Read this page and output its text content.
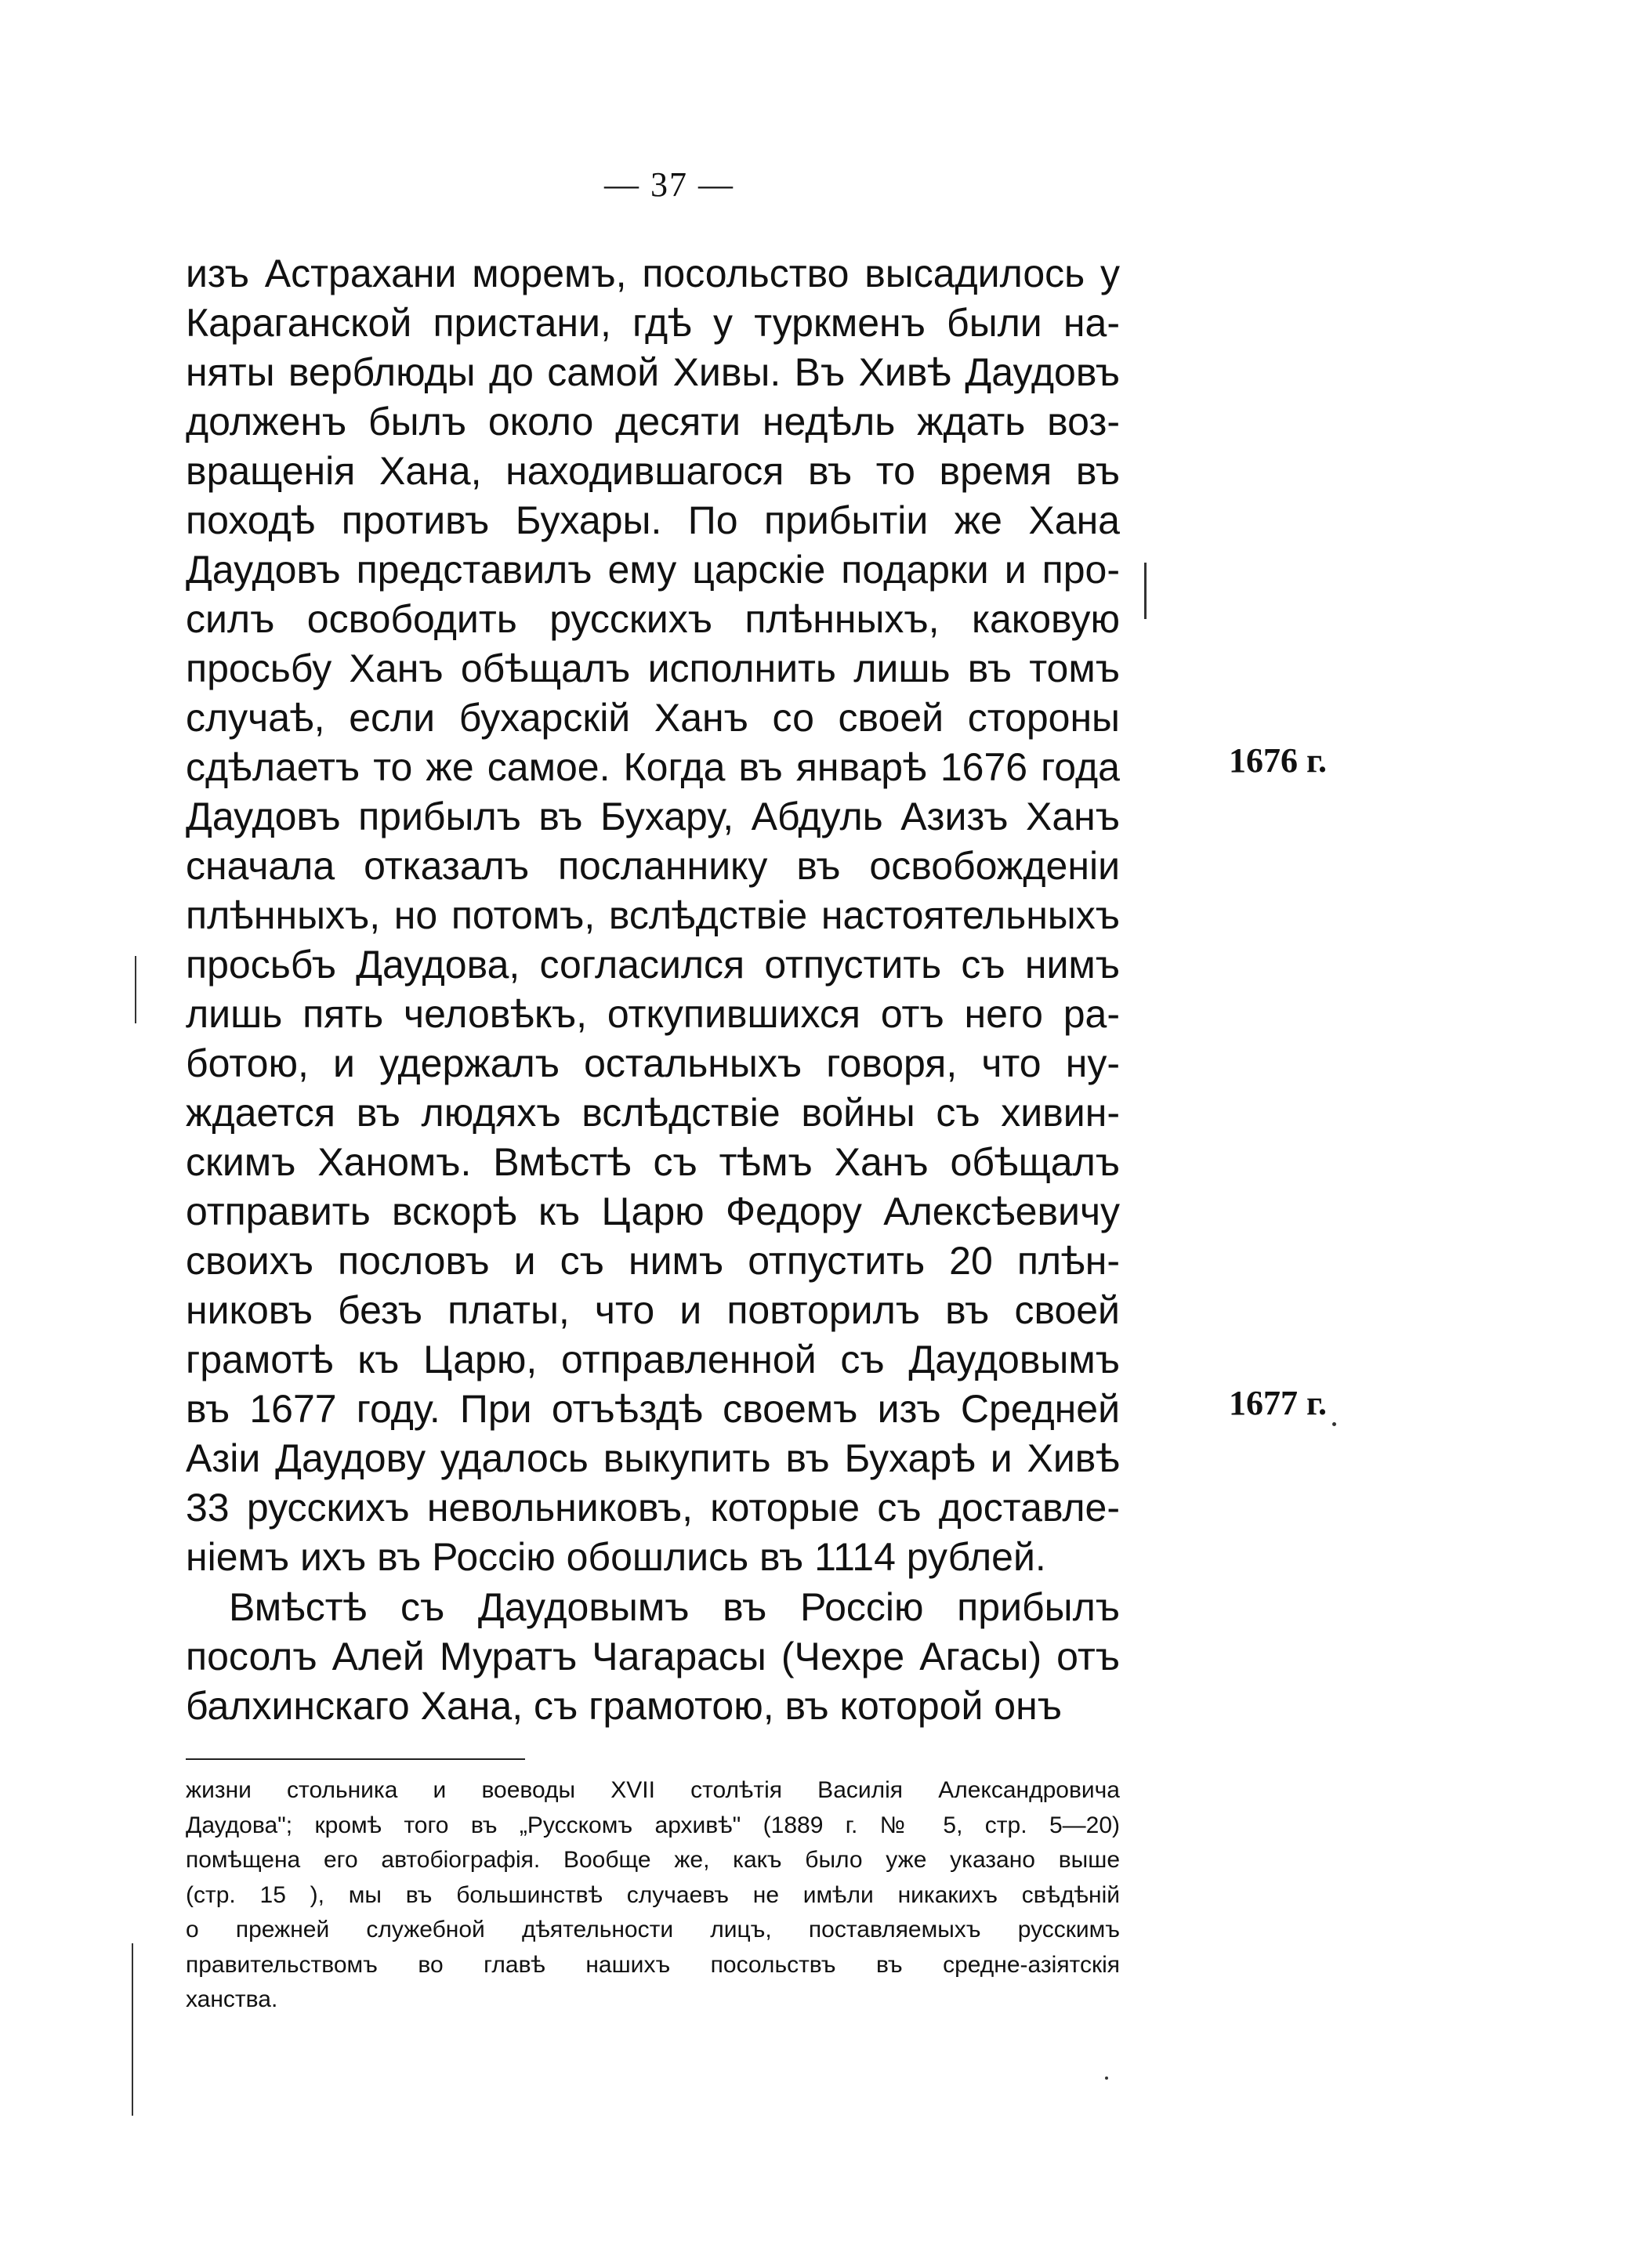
— 37 —
изъ Астрахани моремъ, посольство высадилось у
Караганской пристани, гдѣ у туркменъ были на-
няты верблюды до самой Хивы. Въ Хивѣ Даудовъ
долженъ былъ около десяти недѣль ждать воз-
вращенія Хана, находившагося въ то время въ
походѣ противъ Бухары. По прибытіи же Хана
Даудовъ представилъ ему царскіе подарки и про-
силъ освободить русскихъ плѣнныхъ, каковую
просьбу Ханъ обѣщалъ исполнить лишь въ томъ
случаѣ, если бухарскій Ханъ со своей стороны
сдѣлаетъ то же самое. Когда въ январѣ 1676 года
Даудовъ прибылъ въ Бухару, Абдуль Азизъ Ханъ
сначала отказалъ посланнику въ освобожденіи
плѣнныхъ, но потомъ, вслѣдствіе настоятельныхъ
просьбъ Даудова, согласился отпустить съ нимъ
лишь пять человѣкъ, откупившихся отъ него ра-
ботою, и удержалъ остальныхъ говоря, что ну-
ждается въ людяхъ вслѣдствіе войны съ хивин-
скимъ Ханомъ. Вмѣстѣ съ тѣмъ Ханъ обѣщалъ
отправить вскорѣ къ Царю Федору Алексѣевичу
своихъ пословъ и съ нимъ отпустить 20 плѣн-
никовъ безъ платы, что и повторилъ въ своей
грамотѣ къ Царю, отправленной съ Даудовымъ
въ 1677 году. При отъѣздѣ своемъ изъ Средней
Азіи Даудову удалось выкупить въ Бухарѣ и Хивѣ
33 русскихъ невольниковъ, которые съ доставле-
ніемъ ихъ въ Россію обошлись въ 1114 рублей.
Вмѣстѣ съ Даудовымъ въ Россію прибылъ
посолъ Алей Муратъ Чагарасы (Чехре Агасы) отъ
балхинскаго Хана, съ грамотою, въ которой онъ
1676 г.
1677 г.
жизни стольника и воеводы XVII столѣтія Василія Александровича
Даудова"; кромѣ того въ „Русскомъ архивѣ" (1889 г. № 5, стр. 5—20)
помѣщена его автобіографія. Вообще же, какъ было уже указано выше
(стр. 15 ), мы въ большинствѣ случаевъ не имѣли никакихъ свѣдѣній
о прежней служебной дѣятельности лицъ, поставляемыхъ русскимъ
правительствомъ во главѣ нашихъ посольствъ въ средне-азіятскія
ханства.
